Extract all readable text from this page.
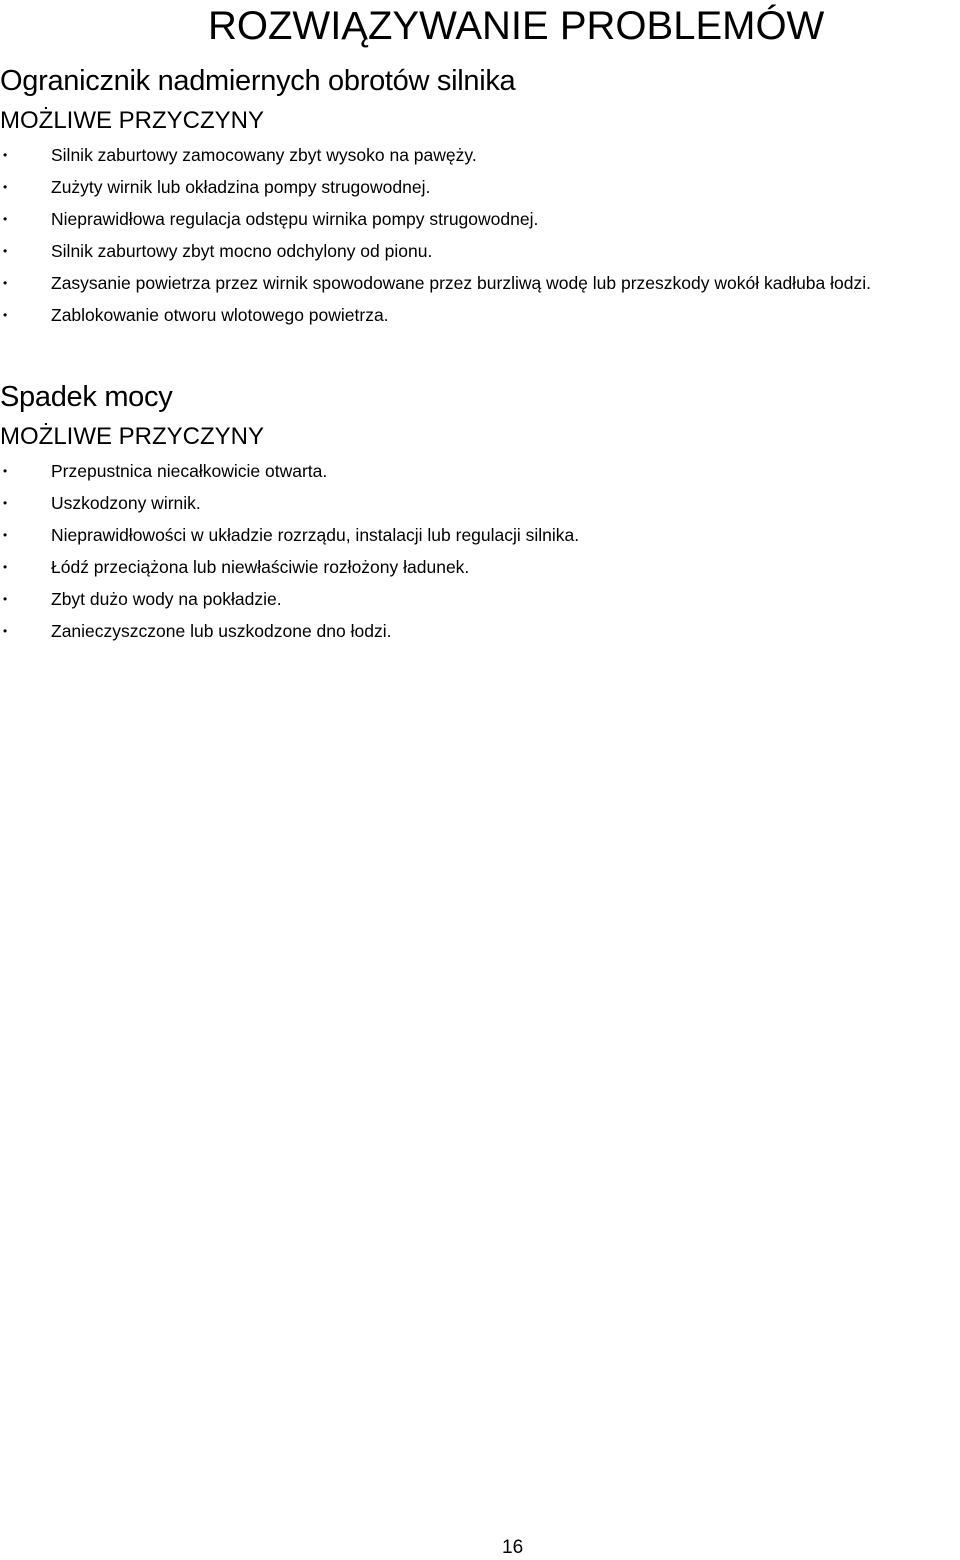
ROZWIĄZYWANIE PROBLEMÓW
Ogranicznik nadmiernych obrotów silnika
MOŻLIWE PRZYCZYNY
•	Silnik zaburtowy zamocowany zbyt wysoko na pawęży.
•	Zużyty wirnik lub okładzina pompy strugowodnej.
•	Nieprawidłowa regulacja odstępu wirnika pompy strugowodnej.
•	Silnik zaburtowy zbyt mocno odchylony od pionu.
•	Zasysanie powietrza przez wirnik spowodowane przez burzliwą wodę lub przeszkody wokół kadłuba łodzi.
•	Zablokowanie otworu wlotowego powietrza.
Spadek mocy
MOŻLIWE PRZYCZYNY
•	Przepustnica niecałkowicie otwarta.
•	Uszkodzony wirnik.
•	Nieprawidłowości w układzie rozrządu, instalacji lub regulacji silnika.
•	Łódź przeciążona lub niewłaściwie rozłożony ładunek.
•	Zbyt dużo wody na pokładzie.
•	Zanieczyszczone lub uszkodzone dno łodzi.
16
